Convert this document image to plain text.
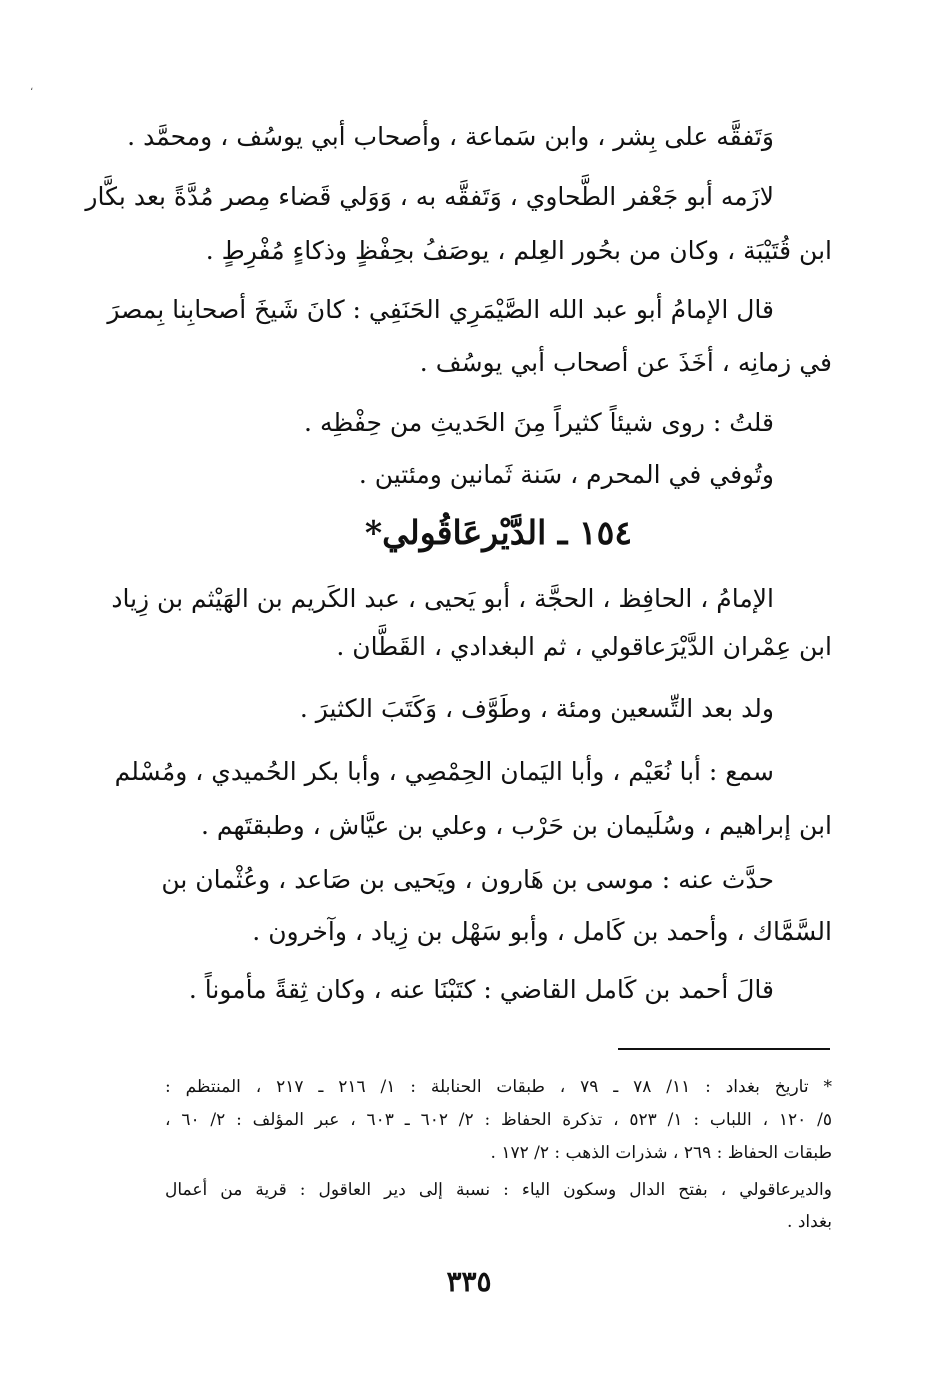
،
وَتَفقَّه على بِشر ، وابن سَماعة ، وأصحاب أبي يوسُف ، ومحمَّد .
لازَمه أبو جَعْفر الطَّحاوي ، وَتَفقَّه به ، وَوَلي قَضاء مِصر مُدَّةً بعد بكَّار
ابن قُتَيْبَة ، وكان من بحُور العِلم ، يوصَفُ بحِفْظٍ وذكاءٍ مُفْرِطٍ .
قال الإمامُ أبو عبد الله الصَّيْمَرِي الحَنَفِي : كانَ شَيخَ أصحابِنا بِمصرَ
في زمانِه ، أخَذَ عن أصحاب أبي يوسُف .
قلتُ : روى شيئاً كثيراً مِنَ الحَديثِ من حِفْظِه .
وتُوفي في المحرم ، سَنة ثَمانين ومئتين .
١٥٤ ـ الدَّيْرعَاقُولي*
الإمامُ ، الحافِظ ، الحجَّة ، أبو يَحيى ، عبد الكَريم بن الهَيْثم بن زِياد
ابن عِمْران الدَّيْرَعاقولي ، ثم البغدادي ، القَطَّان .
ولد بعد التِّسعين ومئة ، وطَوَّف ، وَكَتَبَ الكثيرَ .
سمع : أبا نُعَيْم ، وأبا اليَمان الحِمْصِي ، وأبا بكر الحُميدي ، ومُسْلم
ابن إبراهيم ، وسُلَيمان بن حَرْب ، وعلي بن عيَّاش ، وطبقتَهم .
حدَّث عنه : موسى بن هَارون ، ويَحيى بن صَاعد ، وعُثْمان بن
السَّمَّاك ، وأحمد بن كَامل ، وأبو سَهْل بن زِياد ، وآخرون .
قالَ أحمد بن كَامل القاضي : كتَبْنَا عنه ، وكان ثِقةً مأموناً .
* تاريخ بغداد : ١١/ ٧٨ ـ ٧٩ ، طبقات الحنابلة : ١/ ٢١٦ ـ ٢١٧ ، المنتظم :
٥/ ١٢٠ ، اللباب : ١/ ٥٢٣ ، تذكرة الحفاظ : ٢/ ٦٠٢ ـ ٦٠٣ ، عبر المؤلف : ٢/ ٦٠ ،
طبقات الحفاظ : ٢٦٩ ، شذرات الذهب : ٢/ ١٧٢ .
والديرعاقولي ، بفتح الدال وسكون الياء : نسبة إلى دير العاقول : قرية من أعمال
بغداد .
٣٣٥
